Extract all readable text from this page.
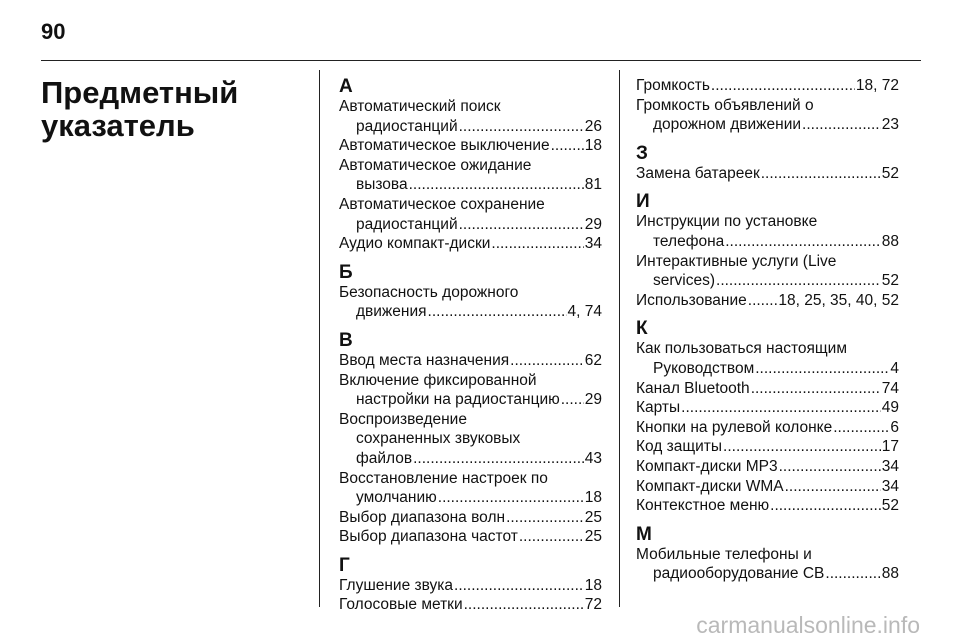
90
Предметный
указатель
А
Автоматический поиск
радиостанций .....	26
Автоматическое выключение ..... 18
Автоматическое ожидание
вызова .....	81
Автоматическое сохранение
радиостанций .....	29
Аудио компакт-диски .....	34
Б
Безопасность дорожного
движения .....	4, 74
В
Ввод места назначения .....	62
Включение фиксированной
настройки на радиостанцию ..... 29
Воспроизведение
сохраненных звуковых
файлов .....	43
Восстановление настроек по
умолчанию .....	18
Выбор диапазона волн .....	25
Выбор диапазона частот .....	25
Г
Глушение звука .....	18
Голосовые метки .....	72
Громкость .....	18, 72
Громкость объявлений о
дорожном движении .....	23
З
Замена батареек .....	52
И
Инструкции по установке
телефона .....	88
Интерактивные услуги (Live
services) .....	52
Использование ..... 18, 25, 35, 40, 52
К
Как пользоваться настоящим
Руководством .....	4
Канал Bluetooth .....	74
Карты .....	49
Кнопки на рулевой колонке .....	6
Код защиты .....	17
Компакт-диски MP3 .....	34
Компакт-диски WMA .....	34
Контекстное меню .....	52
М
Мобильные телефоны и
радиооборудование CB .....	88
carmanualsonline.info
